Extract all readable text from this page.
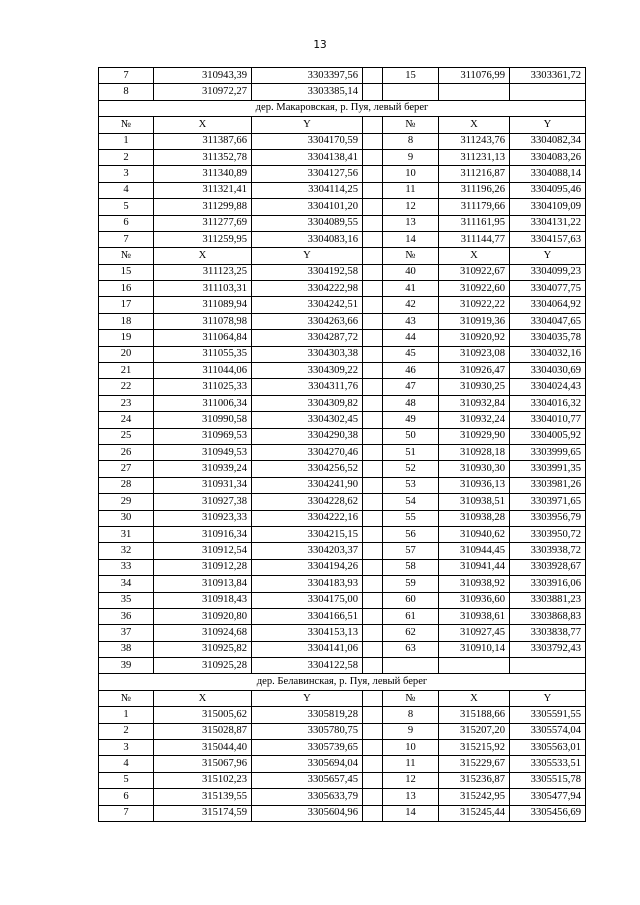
13
7	310943,39	3303397,56		15	311076,99	3303361,72
8	310972,27	3303385,14				
дер. Макаровская, р. Пуя, левый берег						
№	X	Y		№	X	Y
1	311387,66	3304170,59		8	311243,76	3304082,34
2	311352,78	3304138,41		9	311231,13	3304083,26
3	311340,89	3304127,56		10	311216,87	3304088,14
4	311321,41	3304114,25		11	311196,26	3304095,46
5	311299,88	3304101,20		12	311179,66	3304109,09
6	311277,69	3304089,55		13	311161,95	3304131,22
7	311259,95	3304083,16		14	311144,77	3304157,63
№	X	Y		№	X	Y
15	311123,25	3304192,58		40	310922,67	3304099,23
16	311103,31	3304222,98		41	310922,60	3304077,75
17	311089,94	3304242,51		42	310922,22	3304064,92
18	311078,98	3304263,66		43	310919,36	3304047,65
19	311064,84	3304287,72		44	310920,92	3304035,78
20	311055,35	3304303,38		45	310923,08	3304032,16
21	311044,06	3304309,22		46	310926,47	3304030,69
22	311025,33	3304311,76		47	310930,25	3304024,43
23	311006,34	3304309,82		48	310932,84	3304016,32
24	310990,58	3304302,45		49	310932,24	3304010,77
25	310969,53	3304290,38		50	310929,90	3304005,92
26	310949,53	3304270,46		51	310928,18	3303999,65
27	310939,24	3304256,52		52	310930,30	3303991,35
28	310931,34	3304241,90		53	310936,13	3303981,26
29	310927,38	3304228,62		54	310938,51	3303971,65
30	310923,33	3304222,16		55	310938,28	3303956,79
31	310916,34	3304215,15		56	310940,62	3303950,72
32	310912,54	3304203,37		57	310944,45	3303938,72
33	310912,28	3304194,26		58	310941,44	3303928,67
34	310913,84	3304183,93		59	310938,92	3303916,06
35	310918,43	3304175,00		60	310936,60	3303881,23
36	310920,80	3304166,51		61	310938,61	3303868,83
37	310924,68	3304153,13		62	310927,45	3303838,77
38	310925,82	3304141,06		63	310910,14	3303792,43
39	310925,28	3304122,58				
дер. Белавинская, р. Пуя, левый берег						
№	X	Y		№	X	Y
1	315005,62	3305819,28		8	315188,66	3305591,55
2	315028,87	3305780,75		9	315207,20	3305574,04
3	315044,40	3305739,65		10	315215,92	3305563,01
4	315067,96	3305694,04		11	315229,67	3305533,51
5	315102,23	3305657,45		12	315236,87	3305515,78
6	315139,55	3305633,79		13	315242,95	3305477,94
7	315174,59	3305604,96		14	315245,44	3305456,69
